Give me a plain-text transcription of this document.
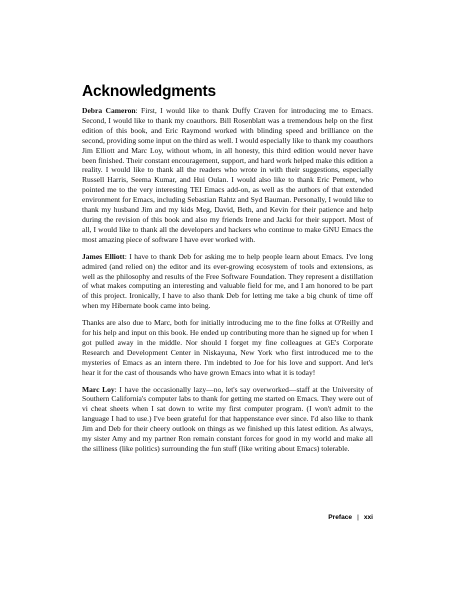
Acknowledgments

Debra Cameron: First, I would like to thank Duffy Craven for introducing me to Emacs. Second, I would like to thank my coauthors. Bill Rosenblatt was a tremendous help on the first edition of this book, and Eric Raymond worked with blinding speed and brilliance on the second, providing some input on the third as well. I would especially like to thank my coauthors Jim Elliott and Marc Loy, without whom, in all honesty, this third edition would never have been finished. Their constant encouragement, support, and hard work helped make this edition a reality. I would like to thank all the readers who wrote in with their suggestions, especially Russell Harris, Seema Kumar, and Hui Oulan. I would also like to thank Eric Pement, who pointed me to the very interesting TEI Emacs add-on, as well as the authors of that extended environment for Emacs, including Sebastian Rahtz and Syd Bauman. Personally, I would like to thank my husband Jim and my kids Meg, David, Beth, and Kevin for their patience and help during the revision of this book and also my friends Irene and Jacki for their support. Most of all, I would like to thank all the developers and hackers who continue to make GNU Emacs the most amazing piece of software I have ever worked with.

James Elliott: I have to thank Deb for asking me to help people learn about Emacs. I've long admired (and relied on) the editor and its ever-growing ecosystem of tools and extensions, as well as the philosophy and results of the Free Software Foundation. They represent a distillation of what makes computing an interesting and valuable field for me, and I am honored to be part of this project. Ironically, I have to also thank Deb for letting me take a big chunk of time off when my Hibernate book came into being.

Thanks are also due to Marc, both for initially introducing me to the fine folks at O'Reilly and for his help and input on this book. He ended up contributing more than he signed up for when I got pulled away in the middle. Nor should I forget my fine colleagues at GE's Corporate Research and Development Center in Niskayuna, New York who first introduced me to the mysteries of Emacs as an intern there. I'm indebted to Joe for his love and support. And let's hear it for the cast of thousands who have grown Emacs into what it is today!

Marc Loy: I have the occasionally lazy—no, let's say overworked—staff at the University of Southern California's computer labs to thank for getting me started on Emacs. They were out of vi cheat sheets when I sat down to write my first computer program. (I won't admit to the language I had to use.) I've been grateful for that happenstance ever since. I'd also like to thank Jim and Deb for their cheery outlook on things as we finished up this latest edition. As always, my sister Amy and my partner Ron remain constant forces for good in my world and make all the silliness (like politics) surrounding the fun stuff (like writing about Emacs) tolerable.

Preface | xxi
